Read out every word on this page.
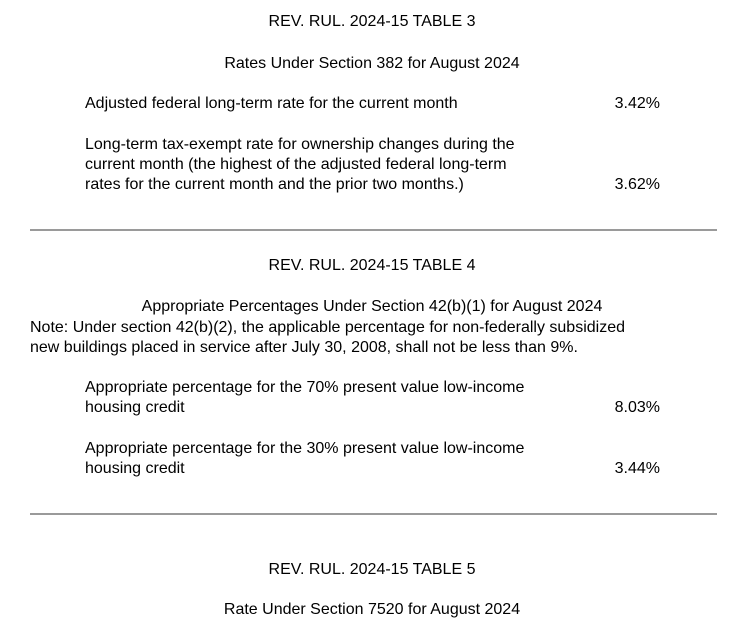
REV. RUL. 2024-15 TABLE 3
Rates Under Section 382 for August 2024
Adjusted federal long-term rate for the current month	3.42%
Long-term tax-exempt rate for ownership changes during the
current month (the highest of the adjusted federal long-term
rates for the current month and the prior two months.)	3.62%
REV. RUL. 2024-15 TABLE 4
Appropriate Percentages Under Section 42(b)(1) for August 2024
Note: Under section 42(b)(2), the applicable percentage for non-federally subsidized
new buildings placed in service after July 30, 2008, shall not be less than 9%.
Appropriate percentage for the 70% present value low-income
housing credit	8.03%
Appropriate percentage for the 30% present value low-income
housing credit	3.44%
REV. RUL. 2024-15 TABLE 5
Rate Under Section 7520 for August 2024
